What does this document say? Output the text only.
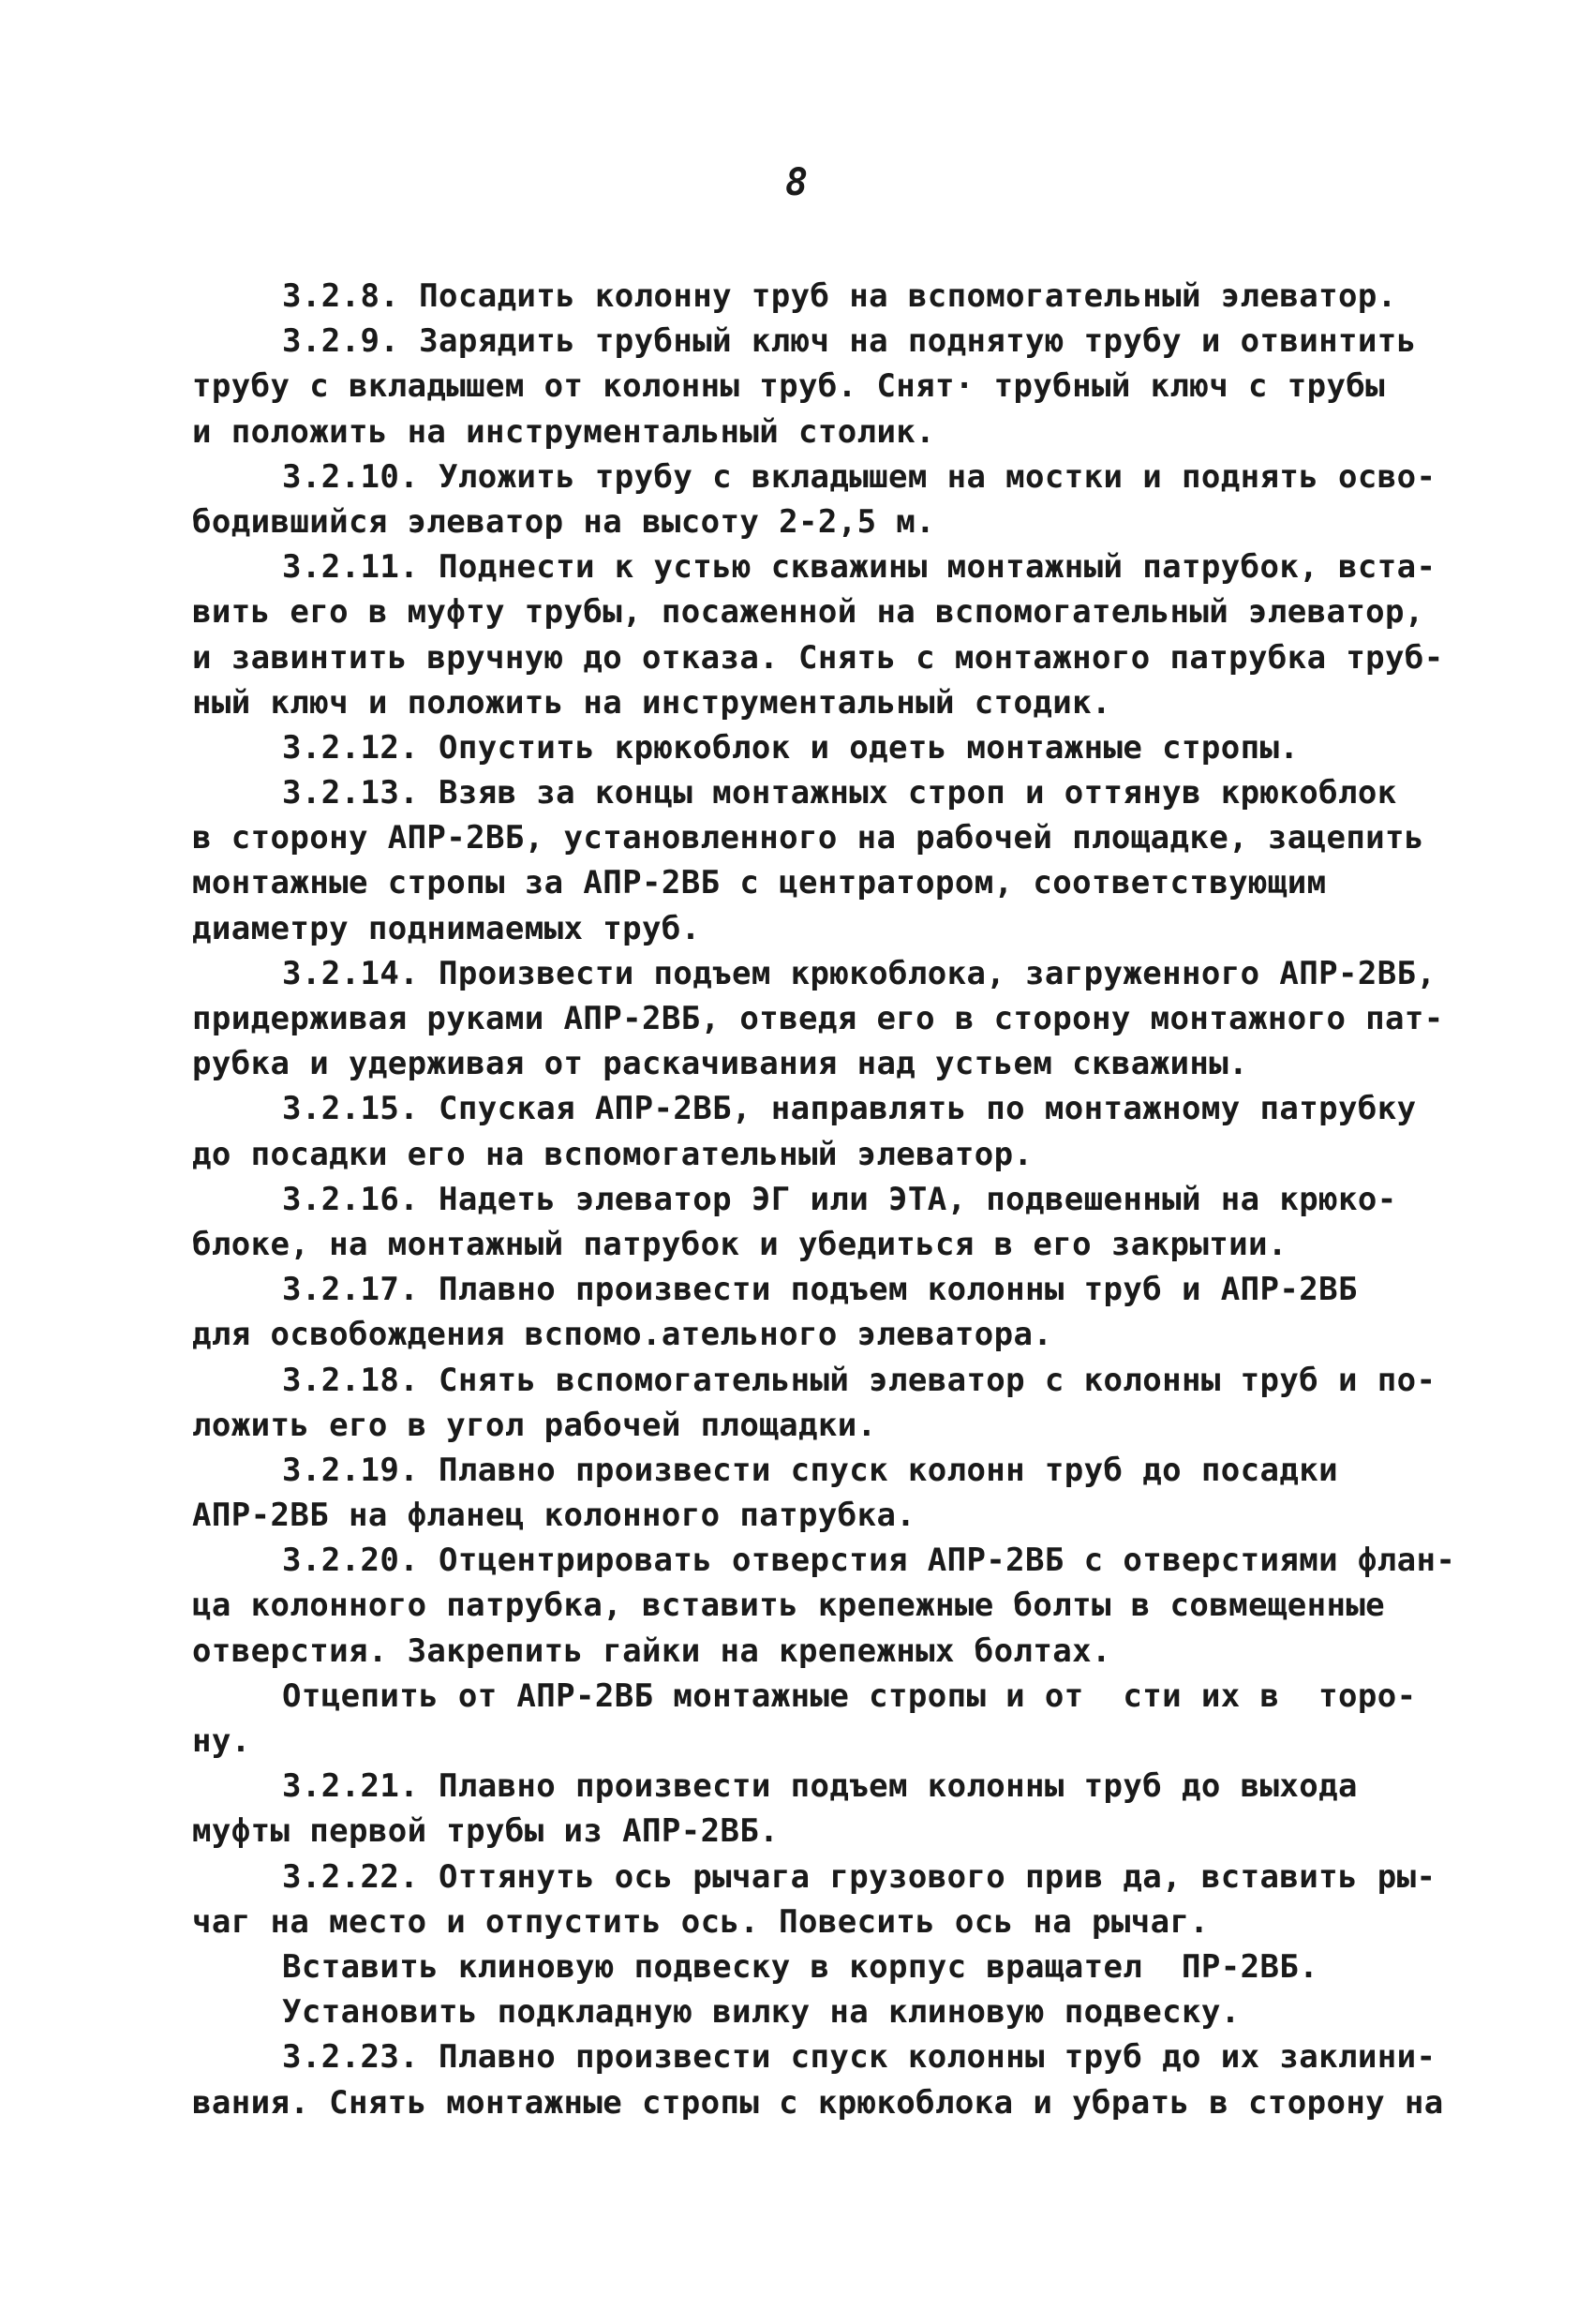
8
3.2.8. Посадить колонну труб на вспомогательный элеватор.
3.2.9. Зарядить трубный ключ на поднятую трубу и отвинтить
трубу с вкладышем от колонны труб. Снят· трубный ключ с трубы
и положить на инструментальный столик.
3.2.10. Уложить трубу с вкладышем на мостки и поднять осво-
бодившийся элеватор на высоту 2-2,5 м.
3.2.11. Поднести к устью скважины монтажный патрубок, вста-
вить его в муфту трубы, посаженной на вспомогательный элеватор,
и завинтить вручную до отказа. Снять с монтажного патрубка труб-
ный ключ и положить на инструментальный стодик.
3.2.12. Опустить крюкоблок и одеть монтажные стропы.
3.2.13. Взяв за концы монтажных строп и оттянув крюкоблок
в сторону АПР-2ВБ, установленного на рабочей площадке, зацепить
монтажные стропы за АПР-2ВБ с центратором, соответствующим
диаметру поднимаемых труб.
3.2.14. Произвести подъем крюкоблока, загруженного АПР-2ВБ,
придерживая руками АПР-2ВБ, отведя его в сторону монтажного пат-
рубка и удерживая от раскачивания над устьем скважины.
3.2.15. Спуская АПР-2ВБ, направлять по монтажному патрубку
до посадки его на вспомогательный элеватор.
3.2.16. Надеть элеватор ЭГ или ЭТА, подвешенный на крюко-
блоке, на монтажный патрубок и убедиться в его закрытии.
3.2.17. Плавно произвести подъем колонны труб и АПР-2ВБ
для освобождения вспомо.ательного элеватора.
3.2.18. Снять вспомогательный элеватор с колонны труб и по-
ложить его в угол рабочей площадки.
3.2.19. Плавно произвести спуск колонн труб до посадки
АПР-2ВБ на фланец колонного патрубка.
3.2.20. Отцентрировать отверстия АПР-2ВБ с отверстиями флан-
ца колонного патрубка, вставить крепежные болты в совмещенные
отверстия. Закрепить гайки на крепежных болтах.
Отцепить от АПР-2ВБ монтажные стропы и от  сти их в  торо-
ну.
3.2.21. Плавно произвести подъем колонны труб до выхода
муфты первой трубы из АПР-2ВБ.
3.2.22. Оттянуть ось рычага грузового прив да, вставить ры-
чаг на место и отпустить ось. Повесить ось на рычаг.
Вставить клиновую подвеску в корпус вращател  ПР-2ВБ.
Установить подкладную вилку на клиновую подвеску.
3.2.23. Плавно произвести спуск колонны труб до их заклини-
вания. Снять монтажные стропы с крюкоблока и убрать в сторону на
